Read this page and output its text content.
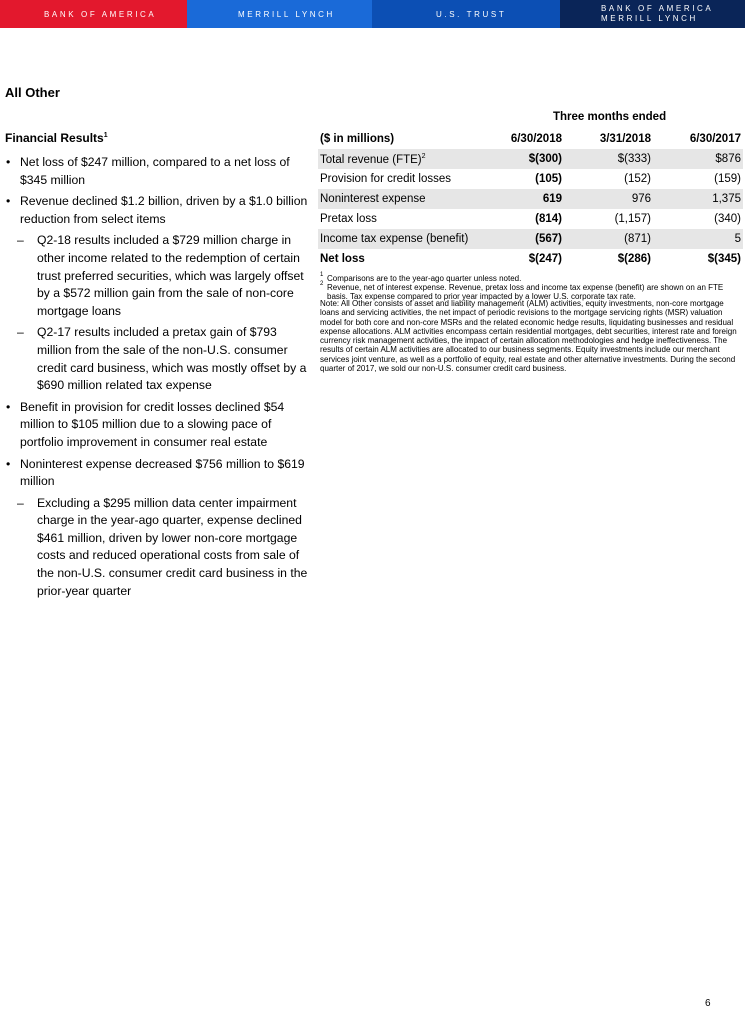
BANK OF AMERICA	MERRILL LYNCH	U.S. TRUST
BANK OF AMERICA
MERRILL LYNCH
All Other
Financial Results$^1$
• Net loss of $247 million, compared to a net loss of $345 million
• Revenue declined $1.2 billion, driven by a $1.0 billion reduction from select items
– Q2-18 results included a $729 million charge in other income related to the redemption of certain trust preferred securities, which was largely offset by a $572 million gain from the sale of non-core mortgage loans
– Q2-17 results included a pretax gain of $793 million from the sale of the non-U.S. consumer credit card business, which was mostly offset by a $690 million related tax expense
• Benefit in provision for credit losses declined $54 million to $105 million due to a slowing pace of portfolio improvement in consumer real estate
• Noninterest expense decreased $756 million to $619 million
– Excluding a $295 million data center impairment charge in the year-ago quarter, expense declined $461 million, driven by lower non-core mortgage costs and reduced operational costs from sale of the non-U.S. consumer credit card business in the prior-year quarter
Three months ended
($ in millions)	6/30/2018	3/31/2018	6/30/2017
Total revenue (FTE)$^2$	$(300)	$(333)	$876
Provision for credit losses	(105)	(152)	(159)
Noninterest expense	619	976	1,375
Pretax loss	(814)	(1,157)	(340)
Income tax expense (benefit)	(567)	(871)	5
Net loss	$(247)	$(286)	$(345)
1 Comparisons are to the year-ago quarter unless noted.
2 Revenue, net of interest expense. Revenue, pretax loss and income tax expense (benefit) are shown on an FTE basis. Tax expense compared to prior year impacted by a lower U.S. corporate tax rate.
Note: All Other consists of asset and liability management (ALM) activities, equity investments, non-core mortgage loans and servicing activities, the net impact of periodic revisions to the mortgage servicing rights (MSR) valuation model for both core and non-core MSRs and the related economic hedge results, liquidating businesses and residual expense allocations. ALM activities encompass certain residential mortgages, debt securities, interest rate and foreign currency risk management activities, the impact of certain allocation methodologies and hedge ineffectiveness. The results of certain ALM activities are allocated to our business segments. Equity investments include our merchant services joint venture, as well as a portfolio of equity, real estate and other alternative investments. During the second quarter of 2017, we sold our non-U.S. consumer credit card business.
6
